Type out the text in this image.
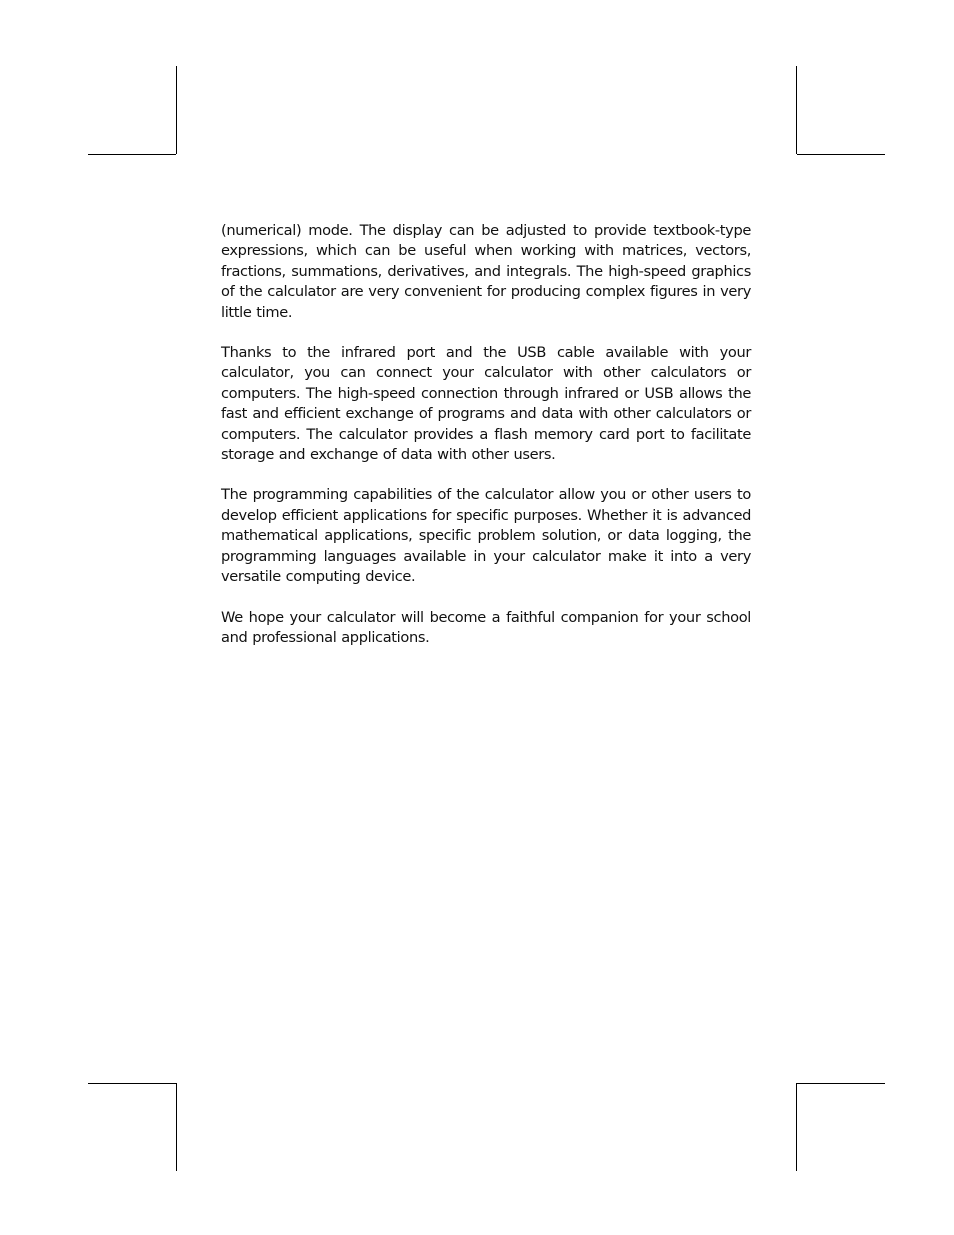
(numerical) mode. The display can be adjusted to provide textbook-type expressions, which can be useful when working with matrices, vectors, fractions, summations, derivatives, and integrals. The high-speed graphics of the calculator are very convenient for producing complex figures in very little time.

Thanks to the infrared port and the USB cable available with your calculator, you can connect your calculator with other calculators or computers. The high-speed connection through infrared or USB allows the fast and efficient exchange of programs and data with other calculators or computers. The calculator provides a flash memory card port to facilitate storage and exchange of data with other users.

The programming capabilities of the calculator allow you or other users to develop efficient applications for specific purposes. Whether it is advanced mathematical applications, specific problem solution, or data logging, the programming languages available in your calculator make it into a very versatile computing device.

We hope your calculator will become a faithful companion for your school and professional applications.
